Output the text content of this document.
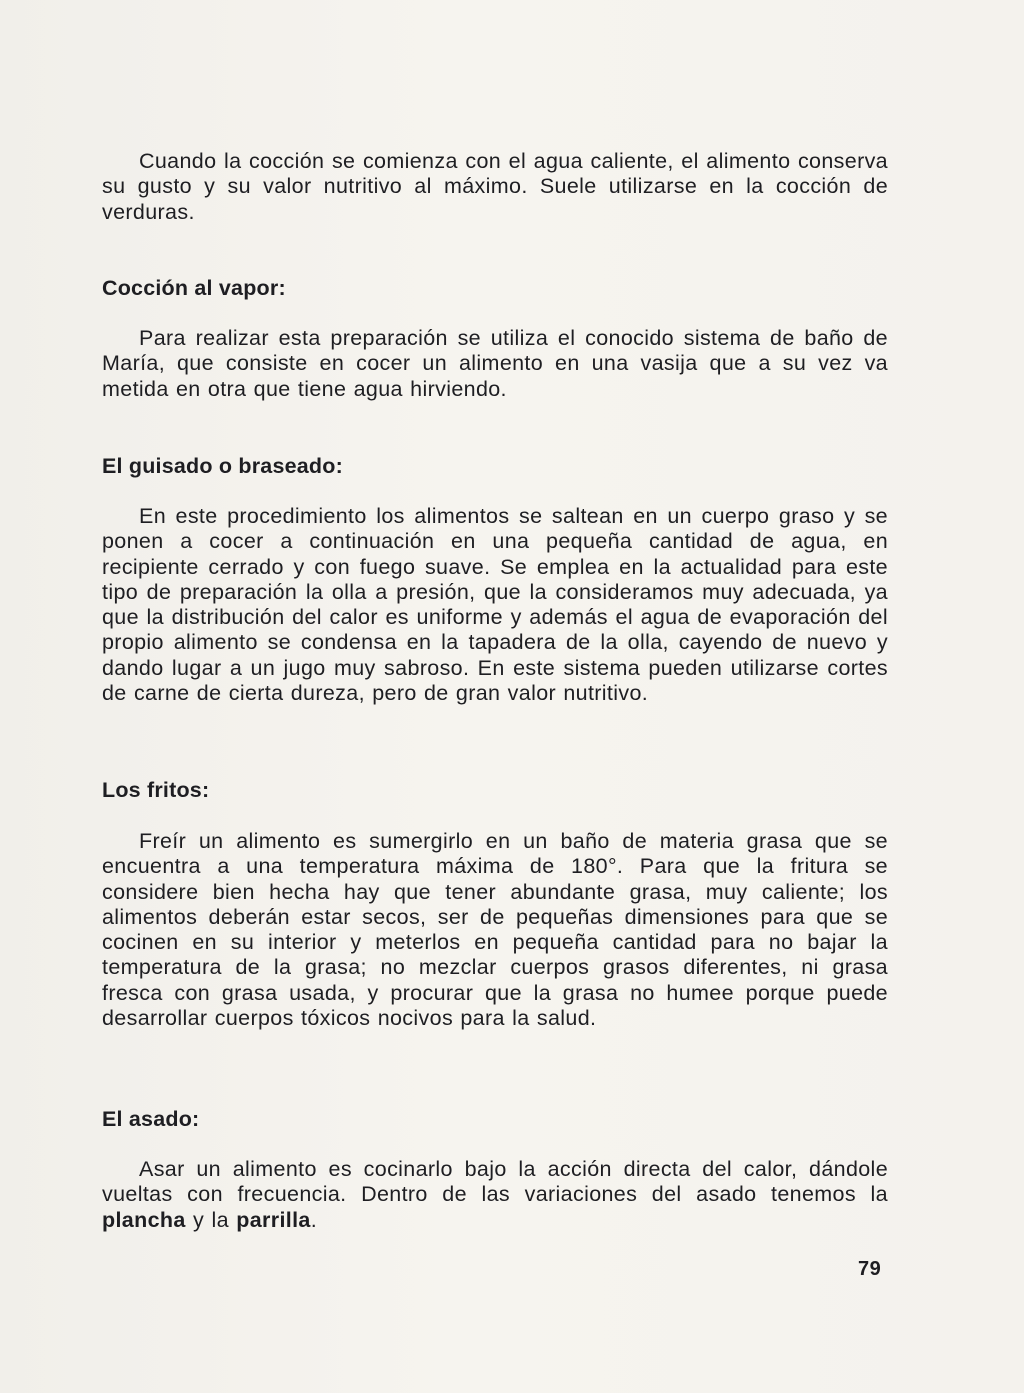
Cuando la cocción se comienza con el agua caliente, el alimento conserva su gusto y su valor nutritivo al máximo. Suele utilizarse en la cocción de verduras.

Cocción al vapor:

Para realizar esta preparación se utiliza el conocido sistema de baño de María, que consiste en cocer un alimento en una vasija que a su vez va metida en otra que tiene agua hirviendo.

El guisado o braseado:

En este procedimiento los alimentos se saltean en un cuerpo graso y se ponen a cocer a continuación en una pequeña cantidad de agua, en recipiente cerrado y con fuego suave. Se emplea en la actualidad para este tipo de preparación la olla a presión, que la consideramos muy adecuada, ya que la distribución del calor es uniforme y además el agua de evaporación del propio alimento se condensa en la tapadera de la olla, cayendo de nuevo y dando lugar a un jugo muy sabroso. En este sistema pueden utilizarse cortes de carne de cierta dureza, pero de gran valor nutritivo.

Los fritos:

Freír un alimento es sumergirlo en un baño de materia grasa que se encuentra a una temperatura máxima de 180°. Para que la fritura se considere bien hecha hay que tener abundante grasa, muy caliente; los alimentos deberán estar secos, ser de pequeñas dimensiones para que se cocinen en su interior y meterlos en pequeña cantidad para no bajar la temperatura de la grasa; no mezclar cuerpos grasos diferentes, ni grasa fresca con grasa usada, y procurar que la grasa no humee porque puede desarrollar cuerpos tóxicos nocivos para la salud.

El asado:

Asar un alimento es cocinarlo bajo la acción directa del calor, dándole vueltas con frecuencia. Dentro de las variaciones del asado tenemos la plancha y la parrilla.

79
